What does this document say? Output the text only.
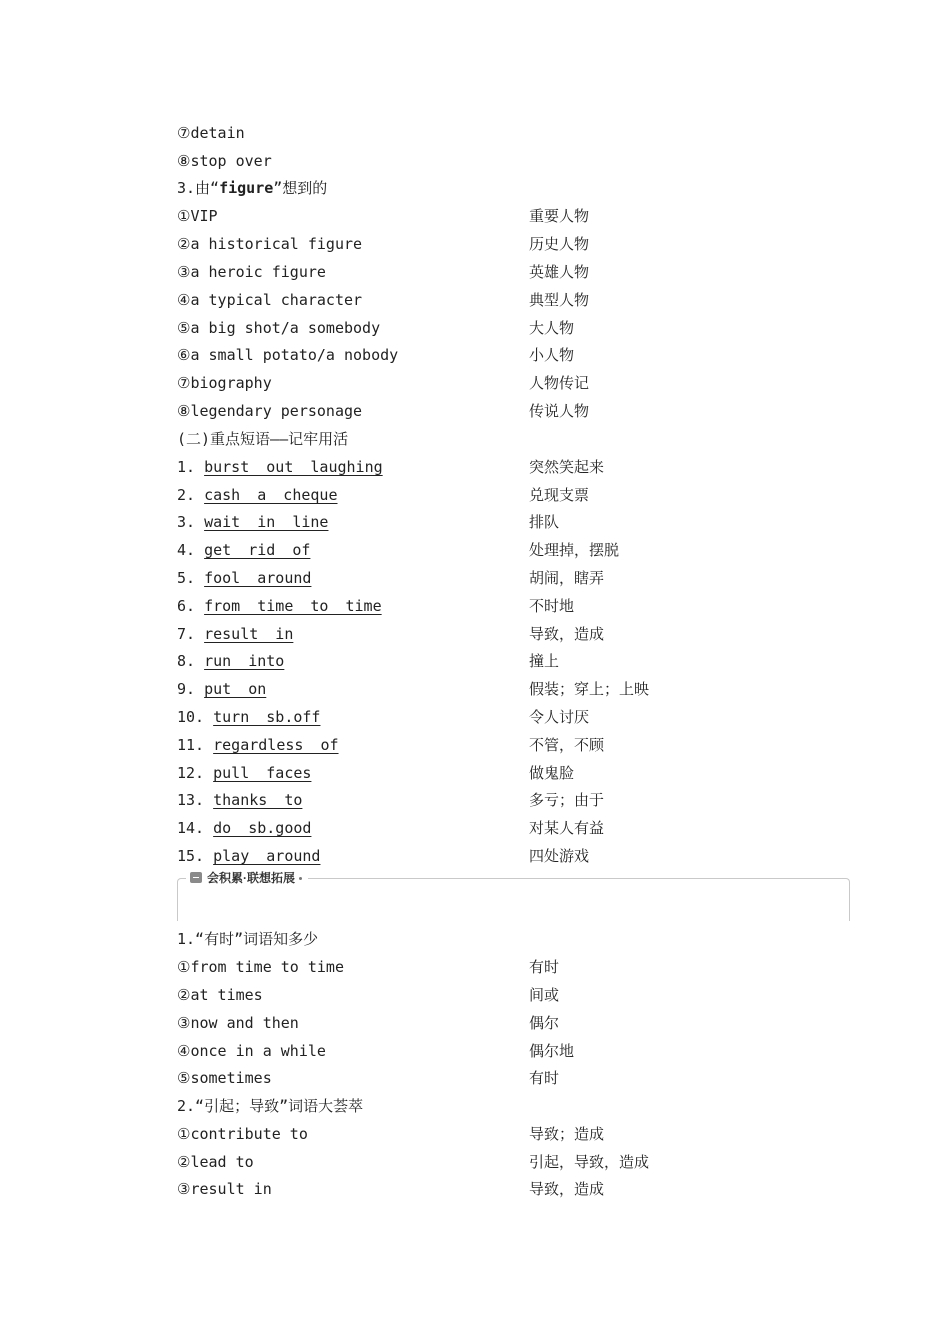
⑦detain
⑧stop over
3.由“figure”想到的
①VIP	重要人物
②a historical figure	历史人物
③a heroic figure	英雄人物
④a typical character	典型人物
⑤a big shot/a somebody	大人物
⑥a small potato/a nobody	小人物
⑦biography	人物传记
⑧legendary personage	传说人物
(二)重点短语——记牢用活
1. burst out laughing	突然笑起来
2. cash a cheque	兑现支票
3. wait in line	排队
4. get rid of	处理掉，摆脱
5. fool around	胡闹，瞎弄
6. from time to time	不时地
7. result in	导致，造成
8. run into	撞上
9. put on	假装；穿上；上映
10. turn sb.off	令人讨厌
11. regardless of	不管，不顾
12. pull faces	做鬼脸
13. thanks to	多亏；由于
14. do sb.good	对某人有益
15. play around	四处游戏
会积累·联想拓展
1.“有时”词语知多少
①from time to time	有时
②at times	间或
③now and then	偶尔
④once in a while	偶尔地
⑤sometimes	有时
2.“引起；导致”词语大荟萃
①contribute to	导致；造成
②lead to	引起，导致，造成
③result in	导致，造成
